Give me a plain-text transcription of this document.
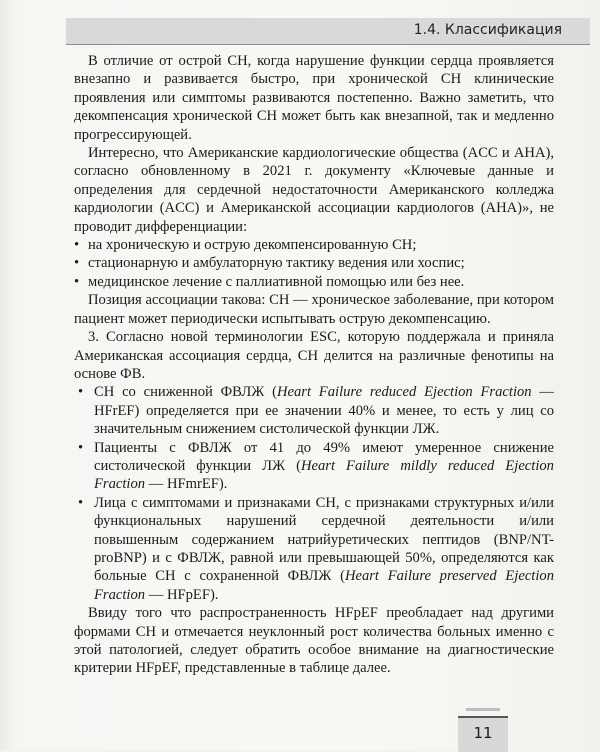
1.4. Классификация

В отличие от острой СН, когда нарушение функции сердца проявляется внезапно и развивается быстро, при хронической СН клинические проявления или симптомы развиваются постепенно. Важно заметить, что декомпенсация хронической СН может быть как внезапной, так и медленно прогрессирующей.

Интересно, что Американские кардиологические общества (ACC и AHA), согласно обновленному в 2021 г. документу «Ключевые данные и определения для сердечной недостаточности Американского колледжа кардиологии (ACC) и Американской ассоциации кардиологов (AHA)», не проводит дифференциации:

• на хроническую и острую декомпенсированную СН;

• стационарную и амбулаторную тактику ведения или хоспис;

• медицинское лечение с паллиативной помощью или без нее.

Позиция ассоциации такова: СН — хроническое заболевание, при котором пациент может периодически испытывать острую декомпенсацию.

3. Согласно новой терминологии ESC, которую поддержала и приняла Американская ассоциация сердца, СН делится на различные фенотипы на основе ФВ.

• СН со сниженной ФВЛЖ (Heart Failure reduced Ejection Fraction — HFrEF) определяется при ее значении 40% и менее, то есть у лиц со значительным снижением систолической функции ЛЖ.

• Пациенты с ФВЛЖ от 41 до 49% имеют умеренное снижение систолической функции ЛЖ (Heart Failure mildly reduced Ejection Fraction — HFmrEF).

• Лица с симптомами и признаками СН, с признаками структурных и/или функциональных нарушений сердечной деятельности и/или повышенным содержанием натрийуретических пептидов (BNP/NT-proBNP) и с ФВЛЖ, равной или превышающей 50%, определяются как больные СН с сохраненной ФВЛЖ (Heart Failure preserved Ejection Fraction — HFpEF).

Ввиду того что распространенность HFpEF преобладает над другими формами СН и отмечается неуклонный рост количества больных именно с этой патологией, следует обратить особое внимание на диагностические критерии HFpEF, представленные в таблице далее.

11
